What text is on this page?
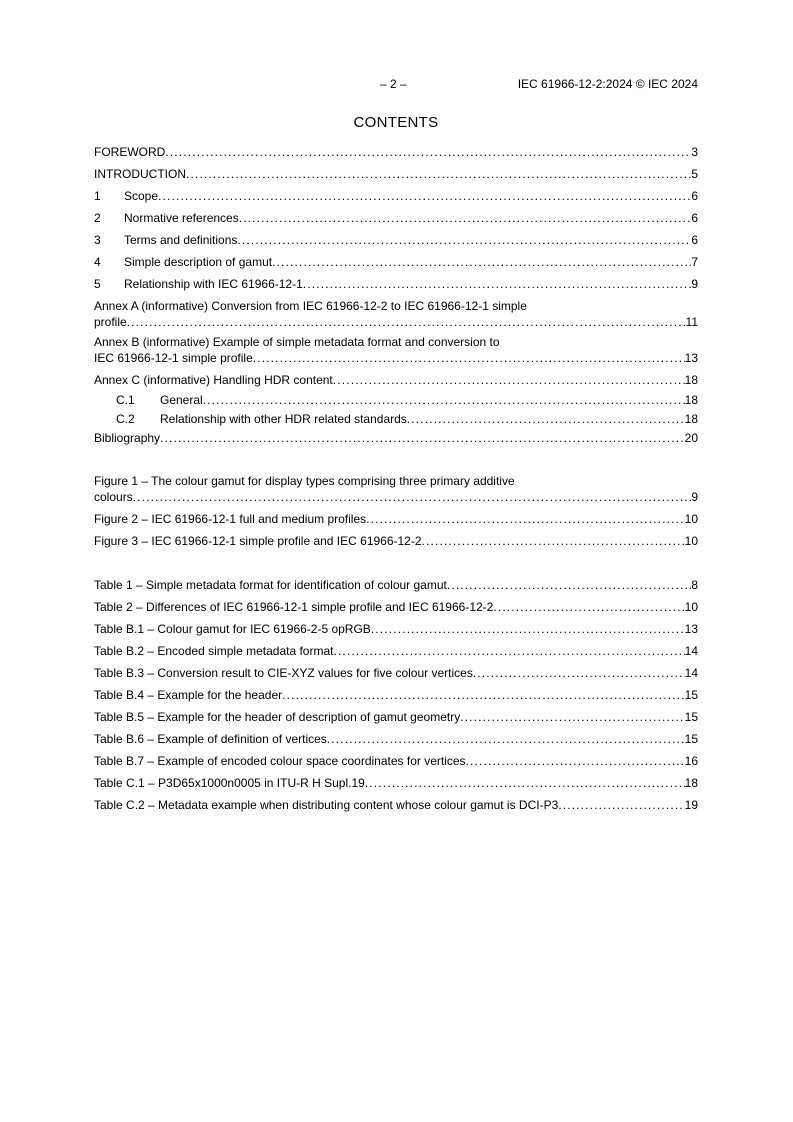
– 2 –	IEC 61966-12-2:2024 © IEC 2024
CONTENTS
FOREWORD .....	3
INTRODUCTION .....	5
1	Scope .....	6
2	Normative references .....	6
3	Terms and definitions .....	6
4	Simple description of gamut .....	7
5	Relationship with IEC 61966-12-1 .....	9
Annex A (informative) Conversion from IEC 61966-12-2 to IEC 61966-12-1 simple
profile .....	11
Annex B (informative) Example of simple metadata format and conversion to
IEC 61966-12-1 simple profile .....	13
Annex C (informative) Handling HDR content .....	18
C.1	General .....	18
C.2	Relationship with other HDR related standards .....	18
Bibliography .....	20
Figure 1 – The colour gamut for display types comprising three primary additive
colours .....	9
Figure 2 – IEC 61966-12-1 full and medium profiles .....	10
Figure 3 – IEC 61966-12-1 simple profile and IEC 61966-12-2 .....	10
Table 1 – Simple metadata format for identification of colour gamut .....	8
Table 2 – Differences of IEC 61966-12-1 simple profile and IEC 61966-12-2 .....	10
Table B.1 – Colour gamut for IEC 61966-2-5 opRGB .....	13
Table B.2 – Encoded simple metadata format .....	14
Table B.3 – Conversion result to CIE-XYZ values for five colour vertices .....	14
Table B.4 – Example for the header .....	15
Table B.5 – Example for the header of description of gamut geometry .....	15
Table B.6 – Example of definition of vertices .....	15
Table B.7 – Example of encoded colour space coordinates for vertices .....	16
Table C.1 – P3D65x1000n0005 in ITU-R H Supl.19 .....	18
Table C.2 – Metadata example when distributing content whose colour gamut is DCI-P3 .....	19
